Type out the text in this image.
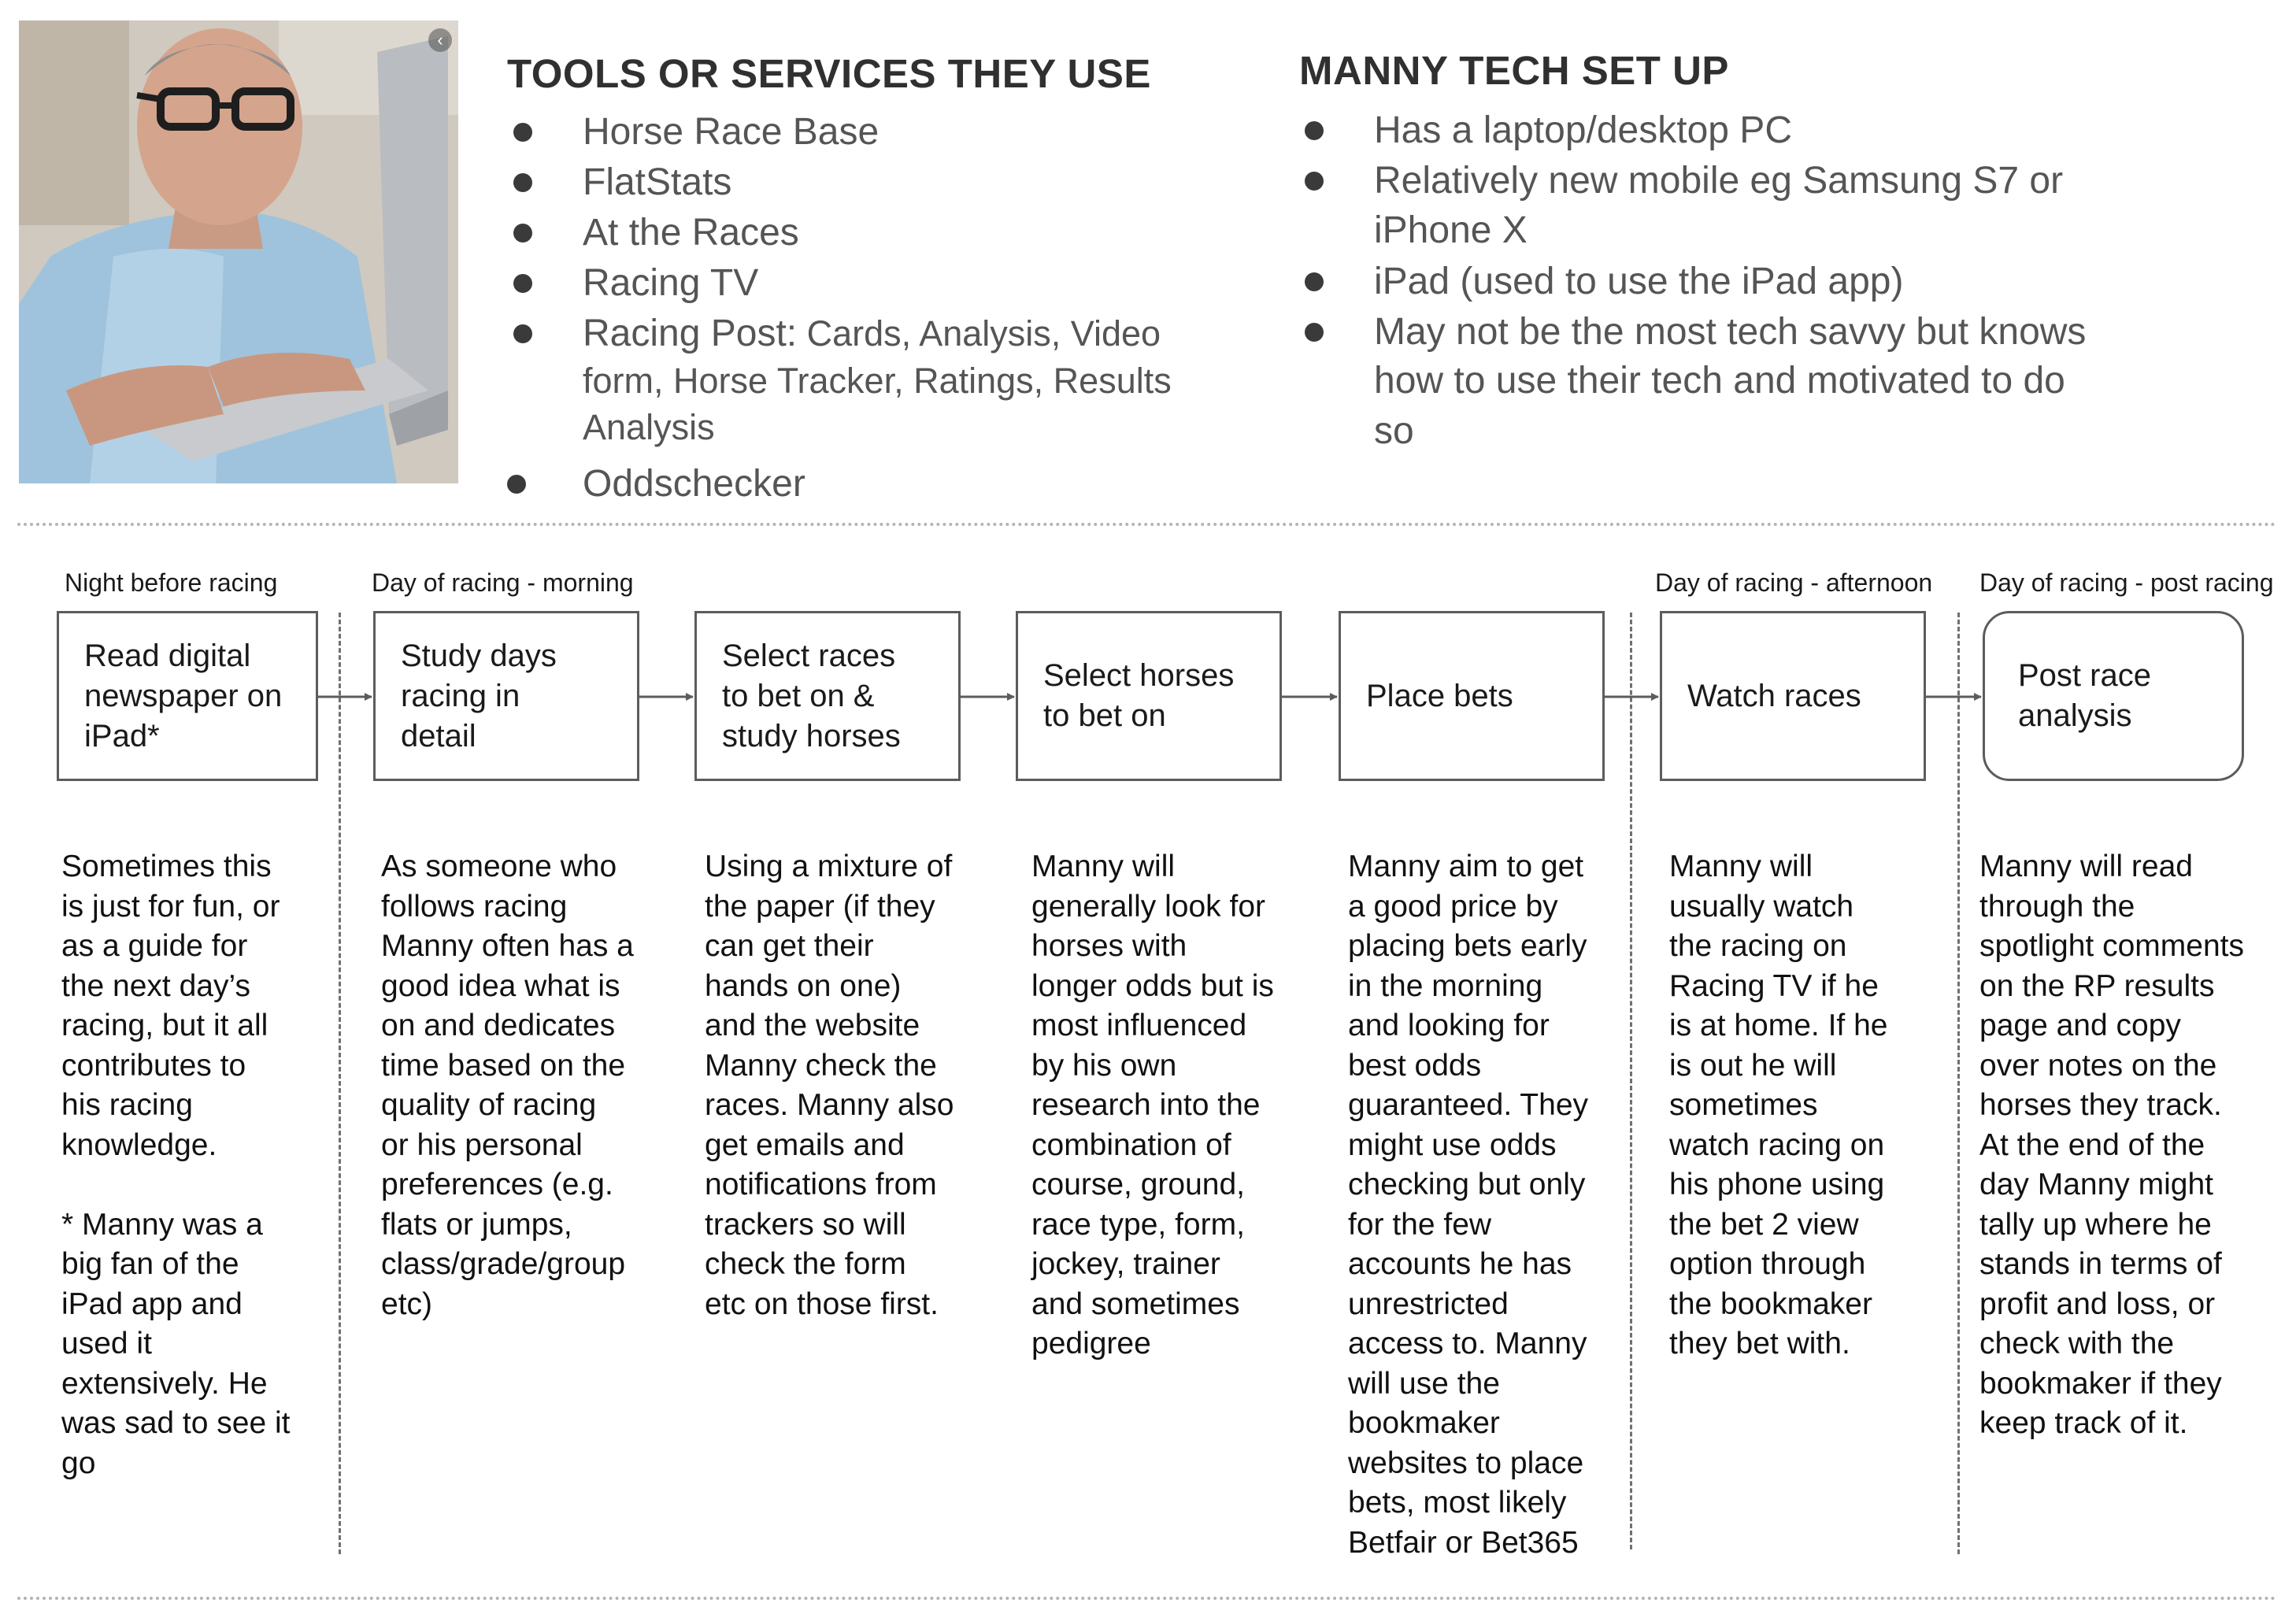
‹
TOOLS OR SERVICES THEY USE
Horse Race Base
FlatStats
At the Races
Racing TV
Racing Post: Cards, Analysis, Video
form, Horse Tracker, Ratings, Results
Analysis
Oddschecker
MANNY TECH SET UP
Has a laptop/desktop PC
Relatively new mobile eg Samsung S7 or
iPhone X
iPad (used to use the iPad app)
May not be the most tech savvy but knows
how to use their tech and motivated to do
so
Night before racing	Day of racing - morning	Day of racing - afternoon Day of racing - post racing
Read digital
newspaper on
iPad*
Study days
racing in
detail
Select races
to bet on &
study horses
Select horses
to bet on
Place bets	Watch races
Post race
analysis
Sometimes this
is just for fun, or
as a guide for
the next day’s
racing, but it all
contributes to
his racing
knowledge.

* Manny was a
big fan of the
iPad app and
used it
extensively. He
was sad to see it
go
As someone who
follows racing
Manny often has a
good idea what is
on and dedicates
time based on the
quality of racing
or his personal
preferences (e.g.
flats or jumps,
class/grade/group
etc)
Using a mixture of
the paper (if they
can get their
hands on one)
and the website
Manny check the
races. Manny also
get emails and
notifications from
trackers so will
check the form
etc on those first.
Manny will
generally look for
horses with
longer odds but is
most influenced
by his own
research into the
combination of
course, ground,
race type, form,
jockey, trainer
and sometimes
pedigree
Manny aim to get
a good price by
placing bets early
in the morning
and looking for
best odds
guaranteed. They
might use odds
checking but only
for the few
accounts he has
unrestricted
access to. Manny
will use the
bookmaker
websites to place
bets, most likely
Betfair or Bet365
Manny will
usually watch
the racing on
Racing TV if he
is at home. If he
is out he will
sometimes
watch racing on
his phone using
the bet 2 view
option through
the bookmaker
they bet with.
Manny will read
through the
spotlight comments
on the RP results
page and copy
over notes on the
horses they track.
At the end of the
day Manny might
tally up where he
stands in terms of
profit and loss, or
check with the
bookmaker if they
keep track of it.
